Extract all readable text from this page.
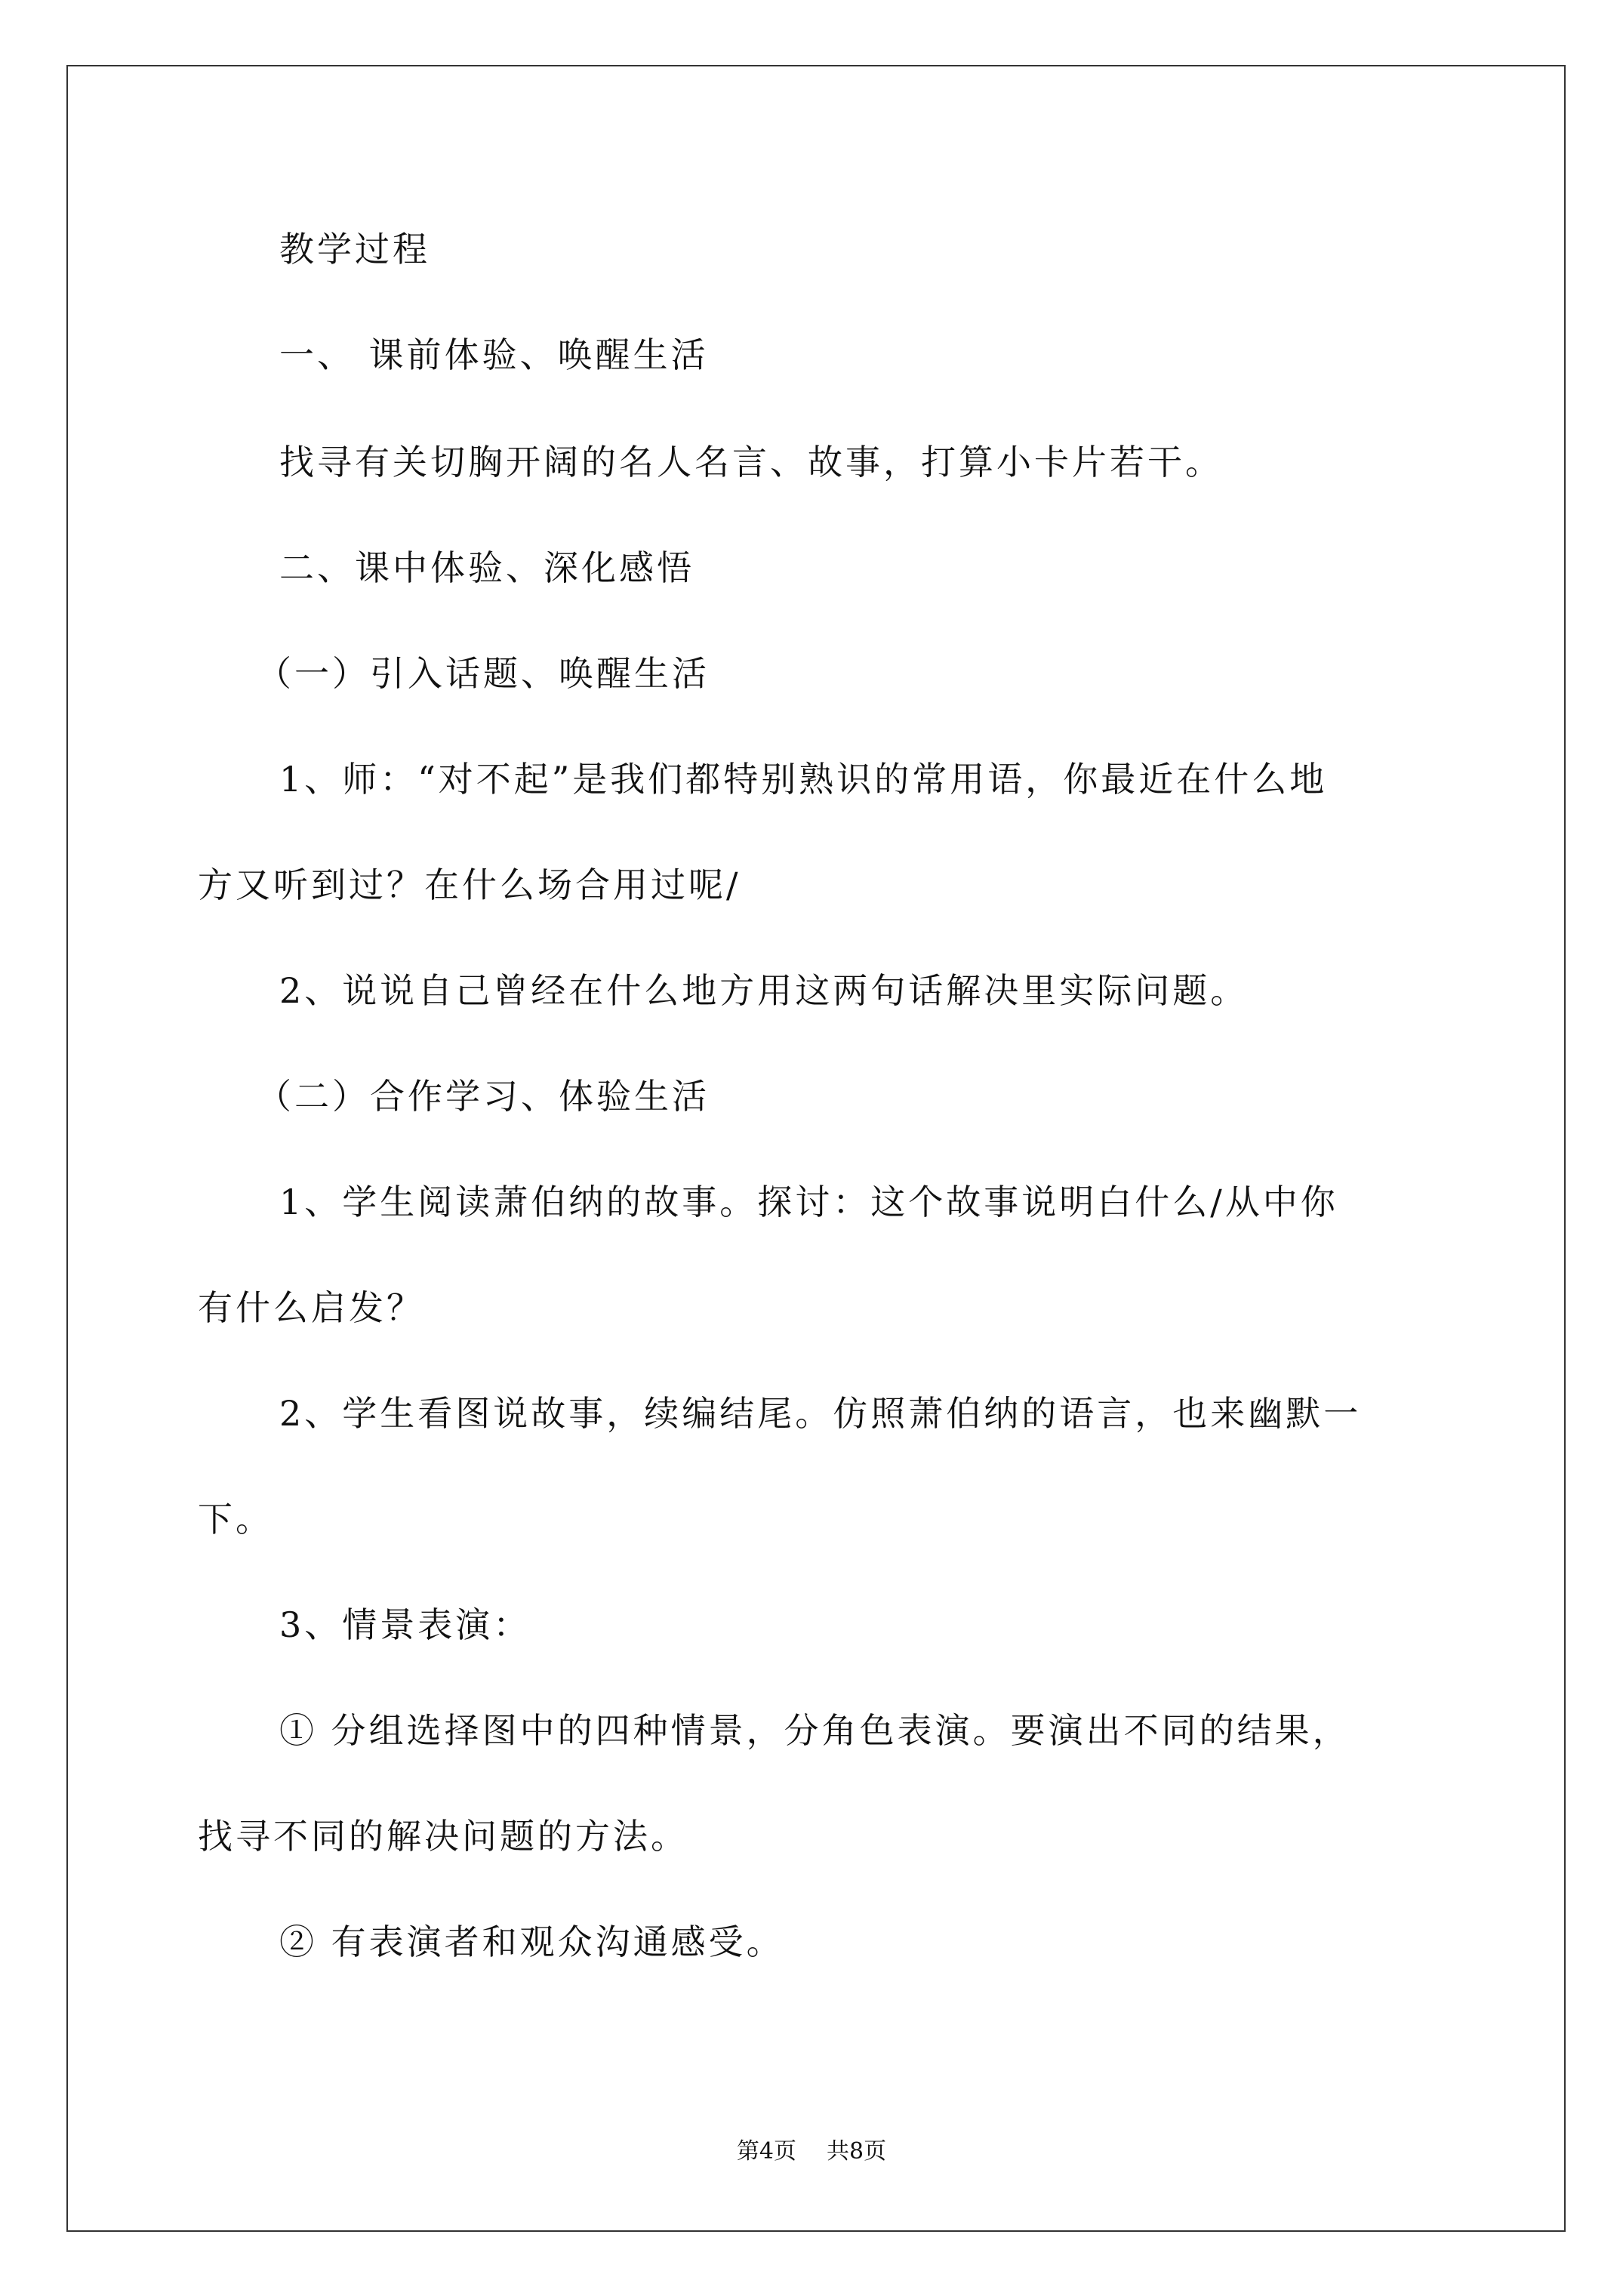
教学过程
一、 课前体验、唤醒生活
找寻有关切胸开阔的名人名言、故事，打算小卡片若干。
二、课中体验、深化感悟
（一）引入话题、唤醒生活
1、师：“对不起”是我们都特别熟识的常用语，你最近在什么地
方又听到过？在什么场合用过呢/
2、说说自己曾经在什么地方用这两句话解决里实际问题。
（二）合作学习、体验生活
1、学生阅读萧伯纳的故事。探讨：这个故事说明白什么/从中你
有什么启发？
2、学生看图说故事，续编结尾。仿照萧伯纳的语言，也来幽默一
下。
3、情景表演：
① 分组选择图中的四种情景，分角色表演。要演出不同的结果，
找寻不同的解决问题的方法。
② 有表演者和观众沟通感受。
第4页 共8页
